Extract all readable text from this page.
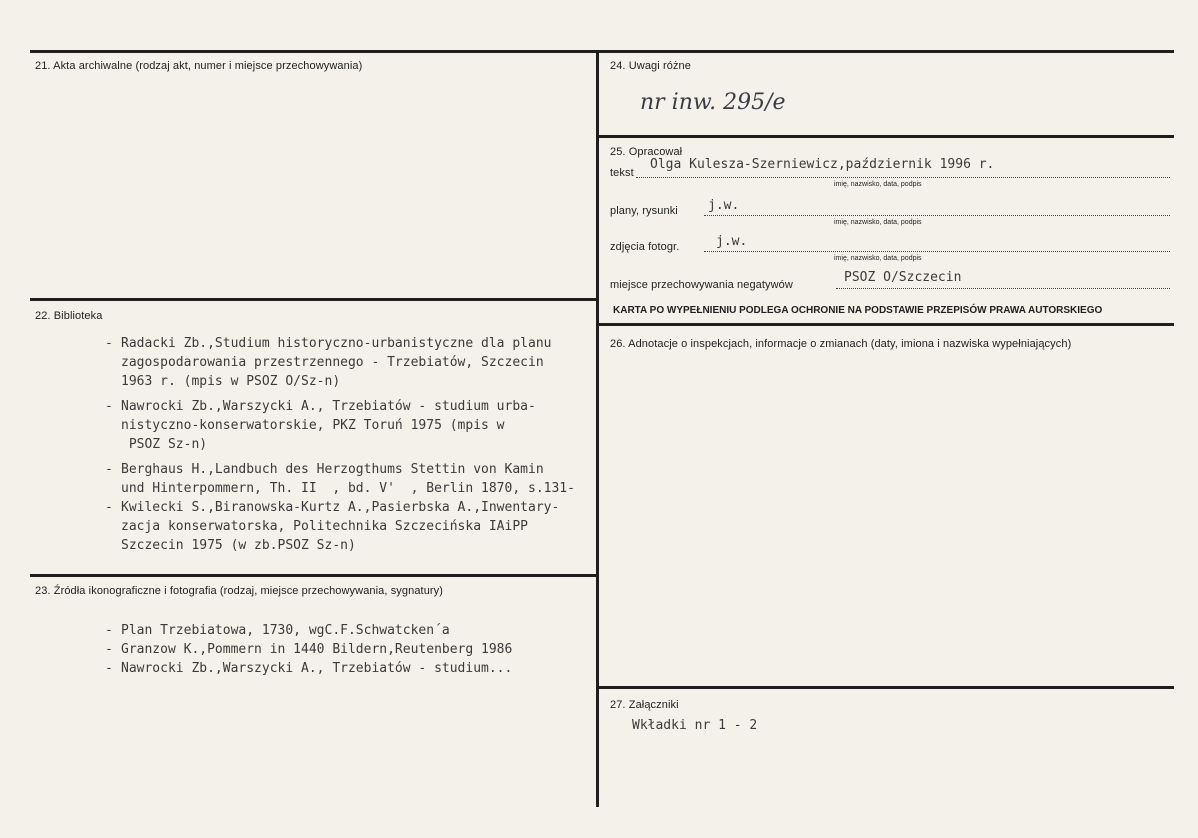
21. Akta archiwalne (rodzaj akt, numer i miejsce przechowywania)
22. Biblioteka
- Radacki Zb.,Studium historyczno-urbanistyczne dla planu
zagospodarowania przestrzennego - Trzebiatów, Szczecin
1963 r. (mpis w PSOZ O/Sz-n)
- Nawrocki Zb.,Warszycki A., Trzebiatów - studium urba-
nistyczno-konserwatorskie, PKZ Toruń 1975 (mpis w
PSOZ Sz-n)
- Berghaus H.,Landbuch des Herzogthums Stettin von Kamin
und Hinterpommern, Th. II  , bd. V'  , Berlin 1870, s.131-
- Kwilecki S.,Biranowska-Kurtz A.,Pasierbska A.,Inwentary-
zacja konserwatorska, Politechnika Szczecińska IAiPP
Szczecin 1975 (w zb.PSOZ Sz-n)
23. Źródła ikonograficzne i fotografia (rodzaj, miejsce przechowywania, sygnatury)
- Plan Trzebiatowa, 1730, wgC.F.Schwatcken´a
- Granzow K.,Pommern in 1440 Bildern,Reutenberg 1986
- Nawrocki Zb.,Warszycki A., Trzebiatów - studium...
24. Uwagi różne
nr inw. 295/e
25. Opracował
tekst
Olga Kulesza-Szerniewicz,październik 1996 r.
imię, nazwisko, data, podpis
plany, rysunki j.w.
imię, nazwisko, data, podpis
zdjęcia fotogr.	j.w.
imię, nazwisko, data, podpis
miejsce przechowywania negatywów	PSOZ O/Szczecin
KARTA PO WYPEŁNIENIU PODLEGA OCHRONIE NA PODSTAWIE PRZEPISÓW PRAWA AUTORSKIEGO
26. Adnotacje o inspekcjach, informacje o zmianach (daty, imiona i nazwiska wypełniających)
27. Załączniki
Wkładki nr 1 - 2
